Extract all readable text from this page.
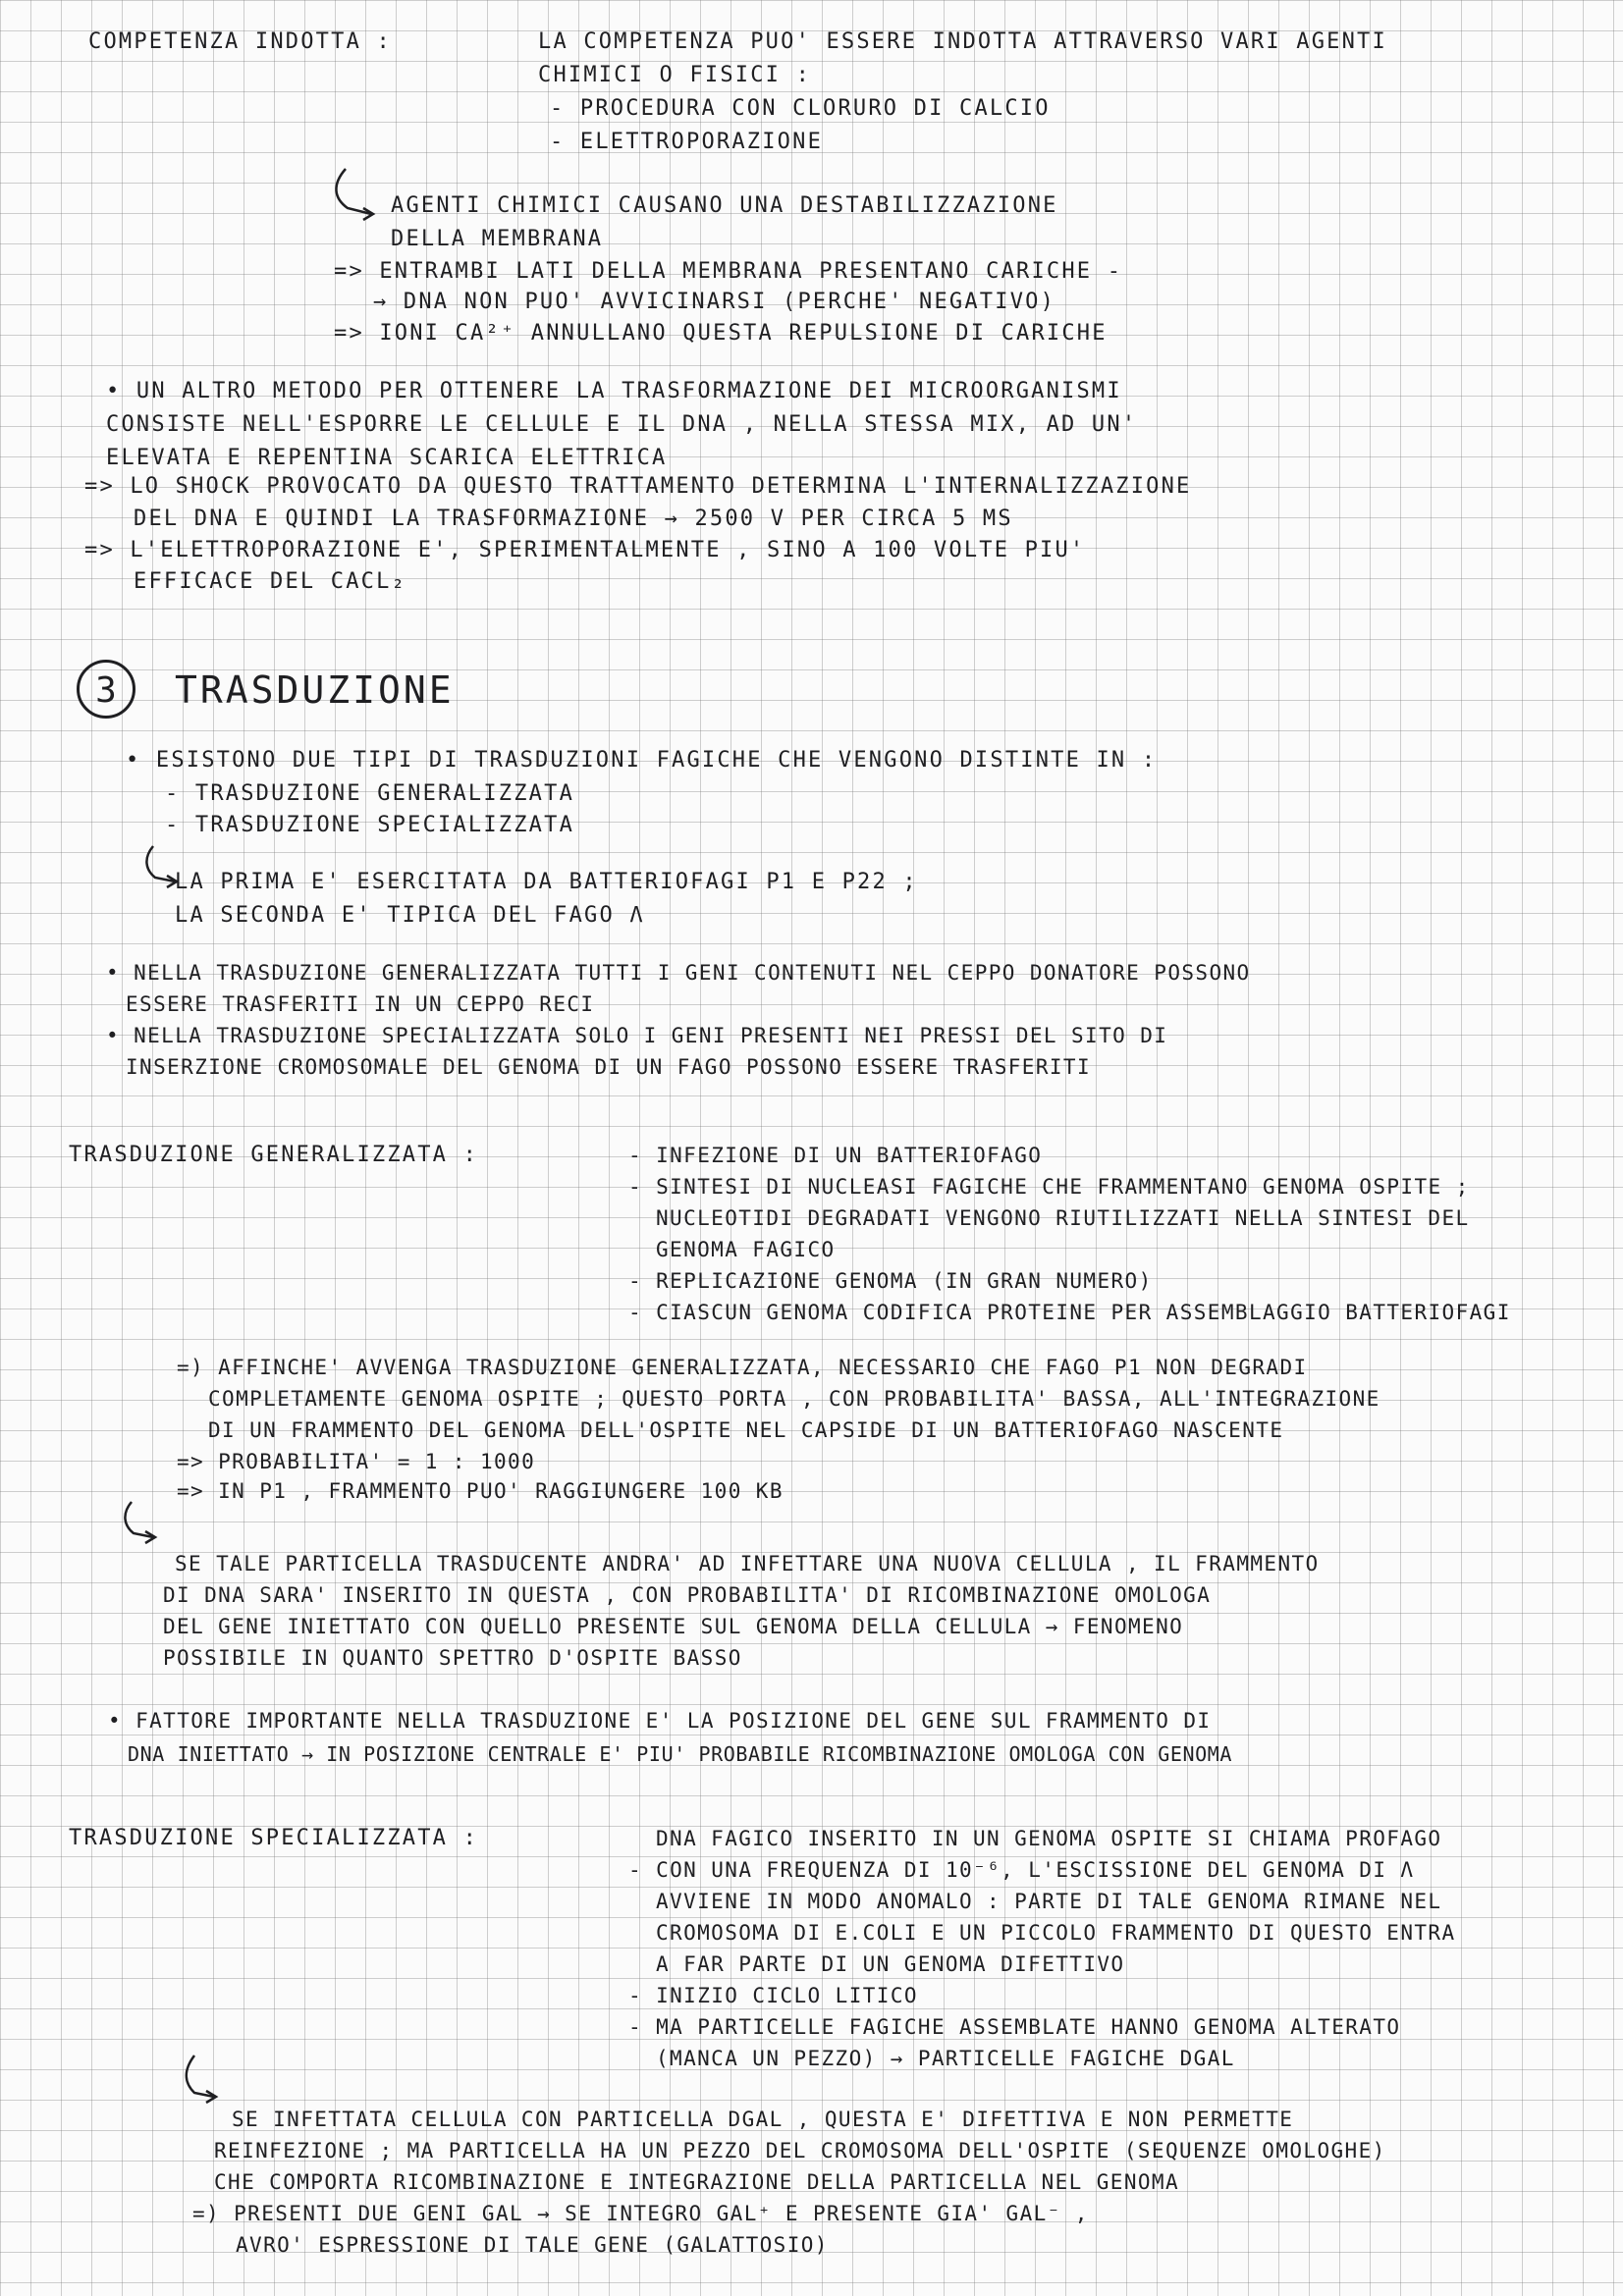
COMPETENZA INDOTTA :	LA COMPETENZA PUO' ESSERE INDOTTA ATTRAVERSO VARI AGENTI
CHIMICI O FISICI :
- PROCEDURA CON CLORURO DI CALCIO
- ELETTROPORAZIONE
AGENTI CHIMICI CAUSANO UNA DESTABILIZZAZIONE
DELLA MEMBRANA
=> ENTRAMBI LATI DELLA MEMBRANA PRESENTANO CARICHE -
→ DNA NON PUO' AVVICINARSI (PERCHE' NEGATIVO)
=> IONI CA²⁺ ANNULLANO QUESTA REPULSIONE DI CARICHE
• UN ALTRO METODO PER OTTENERE LA TRASFORMAZIONE DEI MICROORGANISMI
CONSISTE NELL'ESPORRE LE CELLULE E IL DNA , NELLA STESSA MIX, AD UN'
ELEVATA E REPENTINA SCARICA ELETTRICA
=> LO SHOCK PROVOCATO DA QUESTO TRATTAMENTO DETERMINA L'INTERNALIZZAZIONE
DEL DNA E QUINDI LA TRASFORMAZIONE → 2500 V PER CIRCA 5 MS
=> L'ELETTROPORAZIONE E', SPERIMENTALMENTE , SINO A 100 VOLTE PIU'
EFFICACE DEL CACL₂
3	TRASDUZIONE
• ESISTONO DUE TIPI DI TRASDUZIONI FAGICHE CHE VENGONO DISTINTE IN :
- TRASDUZIONE GENERALIZZATA
- TRASDUZIONE SPECIALIZZATA
LA PRIMA E' ESERCITATA DA BATTERIOFAGI P1 E P22 ;
LA SECONDA E' TIPICA DEL FAGO Λ
• NELLA TRASDUZIONE GENERALIZZATA TUTTI I GENI CONTENUTI NEL CEPPO DONATORE POSSONO
ESSERE TRASFERITI IN UN CEPPO RECI
• NELLA TRASDUZIONE SPECIALIZZATA SOLO I GENI PRESENTI NEI PRESSI DEL SITO DI
INSERZIONE CROMOSOMALE DEL GENOMA DI UN FAGO POSSONO ESSERE TRASFERITI
TRASDUZIONE GENERALIZZATA :	- INFEZIONE DI UN BATTERIOFAGO
- SINTESI DI NUCLEASI FAGICHE CHE FRAMMENTANO GENOMA OSPITE ;
NUCLEOTIDI DEGRADATI VENGONO RIUTILIZZATI NELLA SINTESI DEL
GENOMA FAGICO
- REPLICAZIONE GENOMA (IN GRAN NUMERO)
- CIASCUN GENOMA CODIFICA PROTEINE PER ASSEMBLAGGIO BATTERIOFAGI
=) AFFINCHE' AVVENGA TRASDUZIONE GENERALIZZATA, NECESSARIO CHE FAGO P1 NON DEGRADI
COMPLETAMENTE GENOMA OSPITE ; QUESTO PORTA , CON PROBABILITA' BASSA, ALL'INTEGRAZIONE
DI UN FRAMMENTO DEL GENOMA DELL'OSPITE NEL CAPSIDE DI UN BATTERIOFAGO NASCENTE
=> PROBABILITA' = 1 : 1000
=> IN P1 , FRAMMENTO PUO' RAGGIUNGERE 100 KB
SE TALE PARTICELLA TRASDUCENTE ANDRA' AD INFETTARE UNA NUOVA CELLULA , IL FRAMMENTO
DI DNA SARA' INSERITO IN QUESTA , CON PROBABILITA' DI RICOMBINAZIONE OMOLOGA
DEL GENE INIETTATO CON QUELLO PRESENTE SUL GENOMA DELLA CELLULA → FENOMENO
POSSIBILE IN QUANTO SPETTRO D'OSPITE BASSO
• FATTORE IMPORTANTE NELLA TRASDUZIONE E' LA POSIZIONE DEL GENE SUL FRAMMENTO DI
DNA INIETTATO → IN POSIZIONE CENTRALE E' PIU' PROBABILE RICOMBINAZIONE OMOLOGA CON GENOMA
TRASDUZIONE SPECIALIZZATA :	DNA FAGICO INSERITO IN UN GENOMA OSPITE SI CHIAMA PROFAGO
- CON UNA FREQUENZA DI 10⁻⁶, L'ESCISSIONE DEL GENOMA DI Λ
AVVIENE IN MODO ANOMALO : PARTE DI TALE GENOMA RIMANE NEL
CROMOSOMA DI E.COLI E UN PICCOLO FRAMMENTO DI QUESTO ENTRA
A FAR PARTE DI UN GENOMA DIFETTIVO
- INIZIO CICLO LITICO
- MA PARTICELLE FAGICHE ASSEMBLATE HANNO GENOMA ALTERATO
(MANCA UN PEZZO) → PARTICELLE FAGICHE DGAL
SE INFETTATA CELLULA CON PARTICELLA DGAL , QUESTA E' DIFETTIVA E NON PERMETTE
REINFEZIONE ; MA PARTICELLA HA UN PEZZO DEL CROMOSOMA DELL'OSPITE (SEQUENZE OMOLOGHE)
CHE COMPORTA RICOMBINAZIONE E INTEGRAZIONE DELLA PARTICELLA NEL GENOMA
=) PRESENTI DUE GENI GAL → SE INTEGRO GAL⁺ E PRESENTE GIA' GAL⁻ ,
AVRO' ESPRESSIONE DI TALE GENE (GALATTOSIO)
